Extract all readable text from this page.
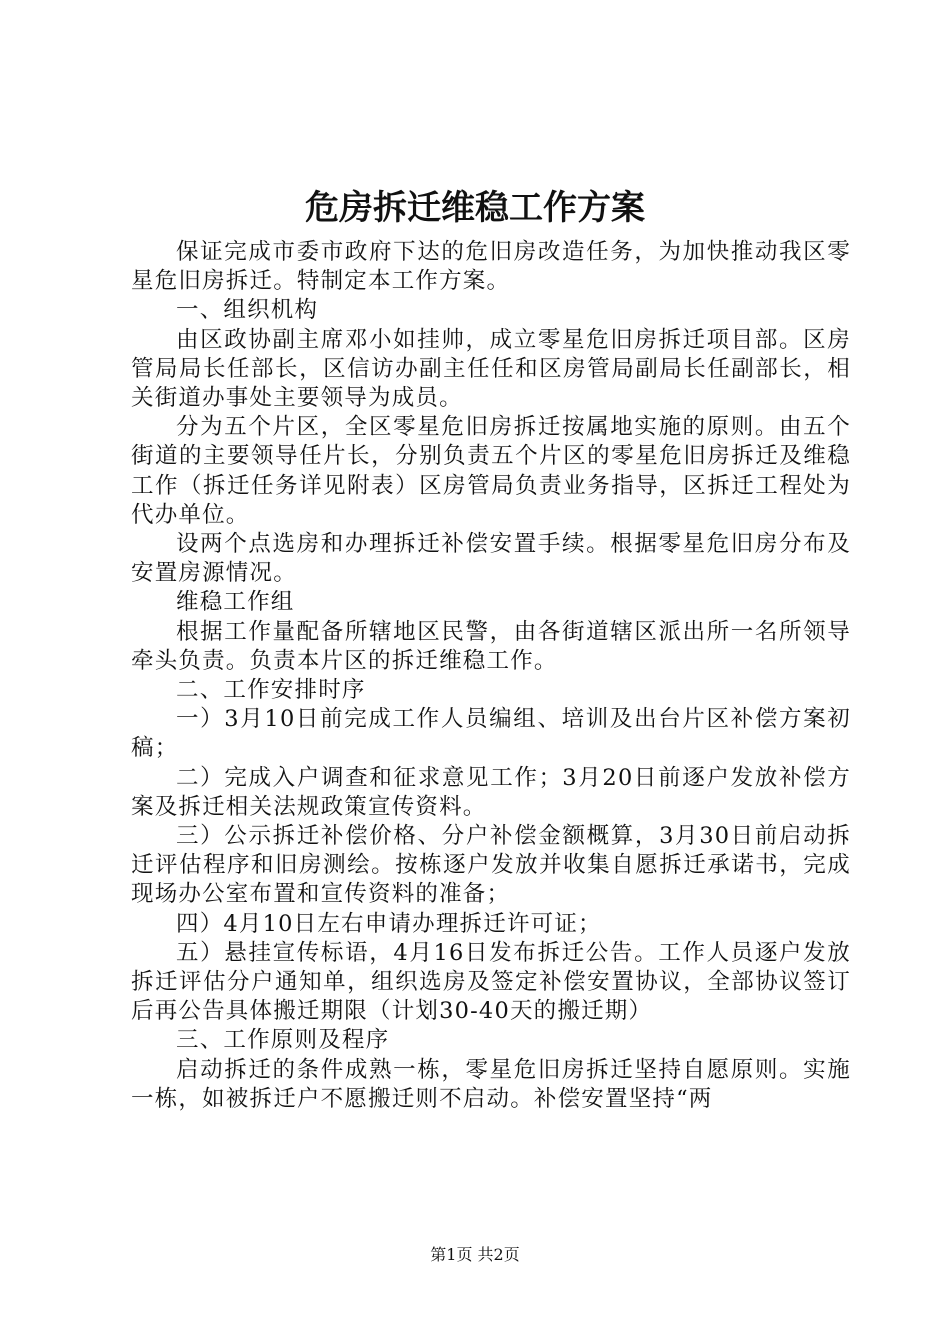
危房拆迁维稳工作方案

保证完成市委市政府下达的危旧房改造任务，为加快推动我区零星危旧房拆迁。特制定本工作方案。

一、组织机构

由区政协副主席邓小如挂帅，成立零星危旧房拆迁项目部。区房管局局长任部长，区信访办副主任任和区房管局副局长任副部长，相关街道办事处主要领导为成员。

分为五个片区，全区零星危旧房拆迁按属地实施的原则。由五个街道的主要领导任片长，分别负责五个片区的零星危旧房拆迁及维稳工作（拆迁任务详见附表）区房管局负责业务指导，区拆迁工程处为代办单位。

设两个点选房和办理拆迁补偿安置手续。根据零星危旧房分布及安置房源情况。

维稳工作组

根据工作量配备所辖地区民警，由各街道辖区派出所一名所领导牵头负责。负责本片区的拆迁维稳工作。

二、工作安排时序

一）3月10日前完成工作人员编组、培训及出台片区补偿方案初稿；

二）完成入户调查和征求意见工作；3月20日前逐户发放补偿方案及拆迁相关法规政策宣传资料。

三）公示拆迁补偿价格、分户补偿金额概算，3月30日前启动拆迁评估程序和旧房测绘。按栋逐户发放并收集自愿拆迁承诺书，完成现场办公室布置和宣传资料的准备；

四）4月10日左右申请办理拆迁许可证；

五）悬挂宣传标语，4月16日发布拆迁公告。工作人员逐户发放拆迁评估分户通知单，组织选房及签定补偿安置协议，全部协议签订后再公告具体搬迁期限（计划30-40天的搬迁期）

三、工作原则及程序

启动拆迁的条件成熟一栋，零星危旧房拆迁坚持自愿原则。实施一栋，如被拆迁户不愿搬迁则不启动。补偿安置坚持“两

第1页 共2页
